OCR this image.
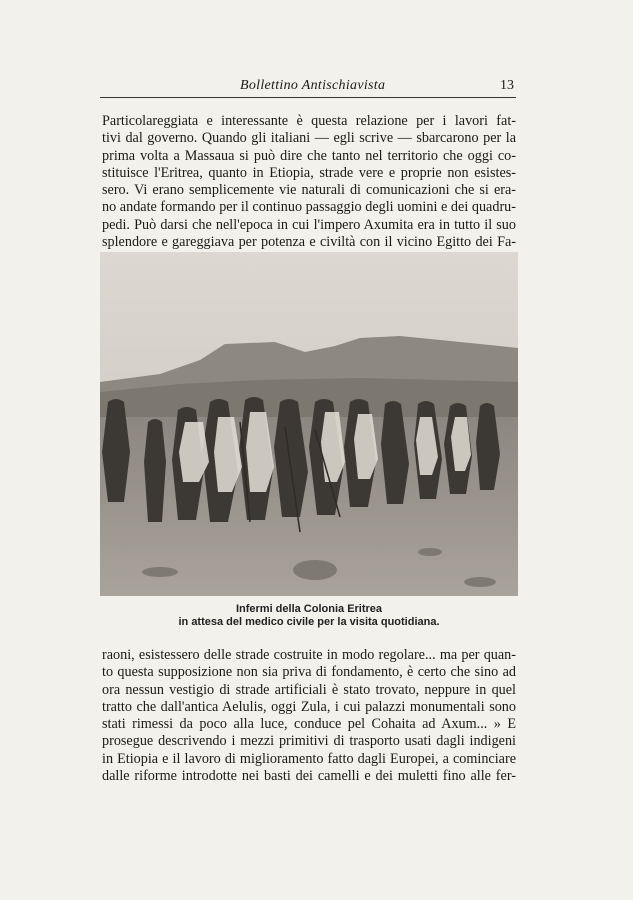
Bollettino Antischiavista	13

Particolareggiata e interessante è questa relazione per i lavori fat-
tivi dal governo. Quando gli italiani — egli scrive — sbarcarono per la
prima volta a Massaua si può dire che tanto nel territorio che oggi co-
stituisce l'Eritrea, quanto in Etiopia, strade vere e proprie non esistes-
sero. Vi erano semplicemente vie naturali di comunicazioni che si era-
no andate formando per il continuo passaggio degli uomini e dei quadru-
pedi. Può darsi che nell'epoca in cui l'impero Axumita era in tutto il suo
splendore e gareggiava per potenza e civiltà con il vicino Egitto dei Fa-

Infermi della Colonia Eritrea
in attesa del medico civile per la visita quotidiana.

raoni, esistessero delle strade costruite in modo regolare... ma per quan-
to questa supposizione non sia priva di fondamento, è certo che sino ad
ora nessun vestigio di strade artificiali è stato trovato, neppure in quel
tratto che dall'antica Aelulis, oggi Zula, i cui palazzi monumentali sono
stati rimessi da poco alla luce, conduce pel Cohaita ad Axum... » E
prosegue descrivendo i mezzi primitivi di trasporto usati dagli indigeni
in Etiopia e il lavoro di miglioramento fatto dagli Europei, a cominciare
dalle riforme introdotte nei basti dei camelli e dei muletti fino alle fer-
